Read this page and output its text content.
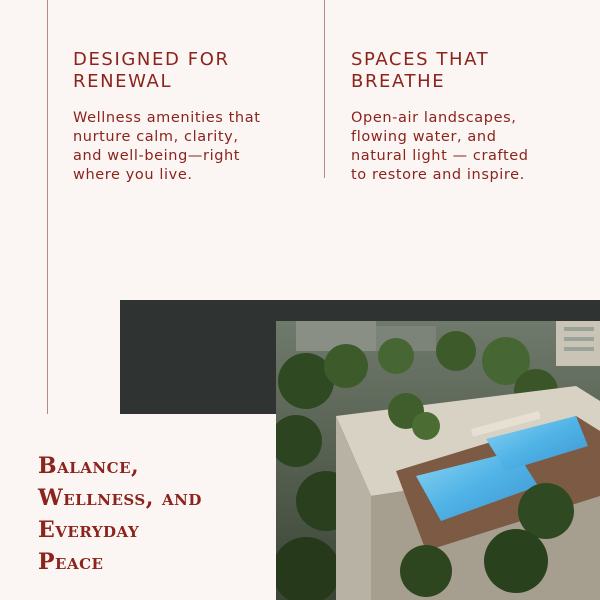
DESIGNED FOR
RENEWAL

Wellness amenities that
nurture calm, clarity,
and well-being—right
where you live.

SPACES THAT
BREATHE

Open-air landscapes,
flowing water, and
natural light — crafted
to restore and inspire.

Balance,
Wellness, and
Everyday
Peace
